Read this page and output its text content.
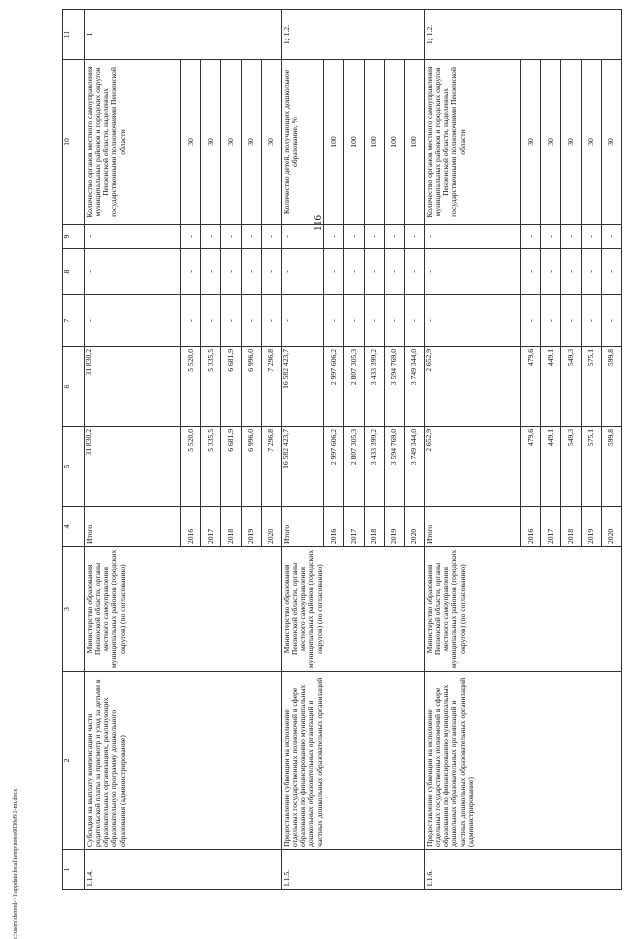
116
c:\users\dsorod-~1\appdata\local\temp\notes6030e8\1-пп.docx	1	2	3	4	5	6	7	8	9	10	11
1.1.4.	Субсидия на выплату компенсации части родительской платы за присмотр и уход за детьми в образовательных организациях, реализующих образовательную программу дошкольного образования (администрирование)	Министерство образования Пензенской области, органы местного самоуправления муниципальных районов (городских округов) (по согласованию)	Итого	31 830,2	31 830,2	-	-	-	Количество органов местного самоуправления муниципальных районов и городских округов Пензенской области, наделенных государственными полномочиями Пензенской области	1
			2016	5 520,0	5 520,0	-	-	-	30	
			2017	5 335,5	5 335,5	-	-	-	30	
			2018	6 681,9	6 681,9	-	-	-	30	
			2019	6 996,0	6 996,0	-	-	-	30	
			2020	7 296,8	7 296,8	-	-	-	30	
1.1.5.	Предоставление субвенции на исполнение отдельных государственных полномочий в сфере образования по финансированию муниципальных дошкольных образовательных организаций и частных дошкольных образовательных организаций	Министерство образования Пензенской области, органы местного самоуправления муниципальных районов (городских округов) (по согласованию)	Итого	16 582 423,7	16 582 423,7	-	-	-	Количество детей, получающих дошкольное образование, %	1; 1.2.
			2016	2 997 606,2	2 997 606,2	-	-	-	100	
			2017	2 807 305,3	2 807 305,3	-	-	-	100	
			2018	3 433 399,2	3 433 399,2	-	-	-	100	
			2019	3 594 769,0	3 594 769,0	-	-	-	100	
			2020	3 749 344,0	3 749 344,0	-	-	-	100	
1.1.6.	Предоставление субвенции на исполнение отдельных государственных полномочий в сфере образования по финансированию муниципальных дошкольных образовательных организаций и частных дошкольных образовательных организаций (администрирование)	Министерство образования Пензенской области, органы местного самоуправления муниципальных районов (городских округов) (по согласованию)	Итого	2 652,9	2 652,9	-	-	-	Количество органов местного самоуправления муниципальных районов и городских округов Пензенской области, наделенных государственными полномочиями Пензенской области	1; 1.2.
			2016	479,6	479,6	-	-	-	30	
			2017	449,1	449,1	-	-	-	30	
			2018	549,3	549,3	-	-	-	30	
			2019	575,1	575,1	-	-	-	30	
			2020	599,8	599,8	-	-	-	30	
